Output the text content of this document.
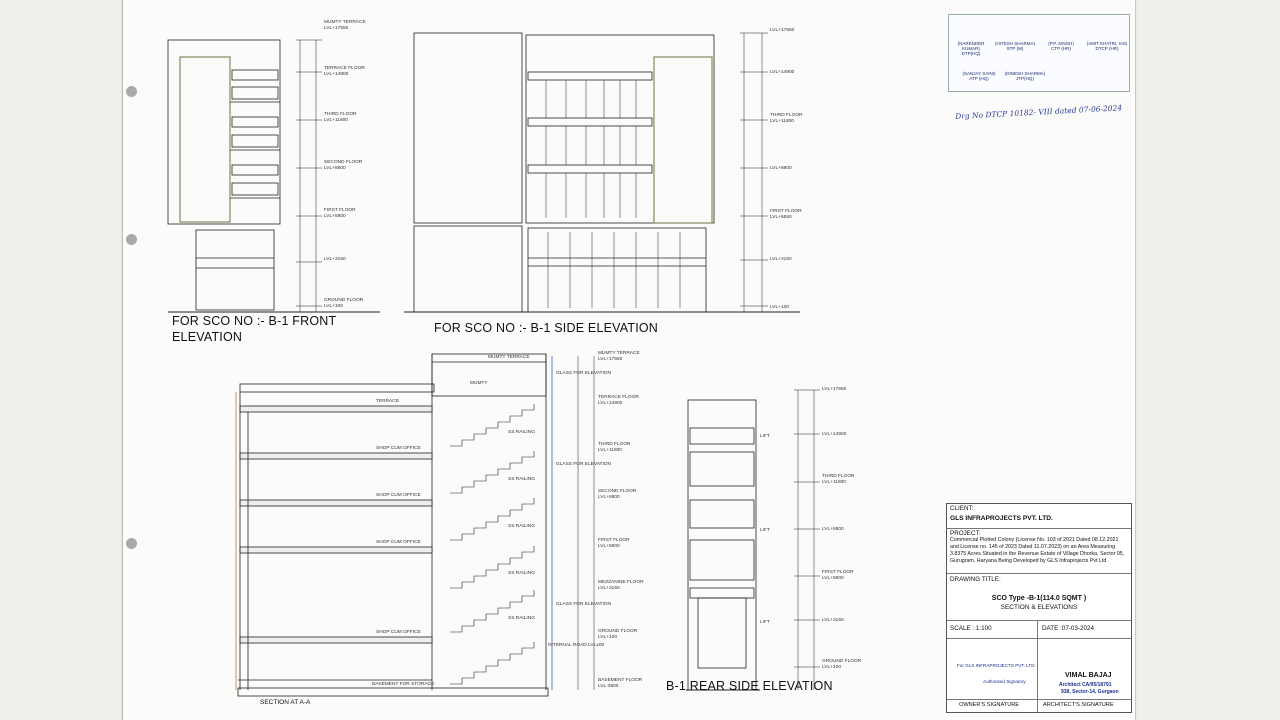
FOR SCO NO :- B-1 FRONT
ELEVATION
FOR SCO NO :- B-1 SIDE ELEVATION
SECTION AT A-A
B-1 REAR SIDE ELEVATION
MUMTY TERRACE
LVL+17550
TERRACE FLOOR
LVL+14900
THIRD FLOOR
LVL+11800
SECOND FLOOR
LVL+8800
FIRST FLOOR
LVL+5800
LVL+3150
GROUND FLOOR
LVL+100
LVL+17550
LVL+14900
THIRD FLOOR
LVL+11800
LVL+8800
FIRST FLOOR
LVL+5550
LVL+3150
LVL+100
MUMTY
MUMTY TERRACE
TERRACE
SHOP CUM OFFICE
SHOP CUM OFFICE
SHOP CUM OFFICE
SHOP CUM OFFICE
BASEMENT FOR STORAGE
SS RAILING
SS RAILING
SS RAILING
SS RAILING
SS RAILING
MUMTY TERRACE
LVL+17550
GLASS FOR ELEVATION
TERRACE FLOOR
LVL+14900
THIRD FLOOR
LVL+11800
GLASS FOR ELEVATION
SECOND FLOOR
LVL+8800
FIRST FLOOR
LVL+5800
MEZZANINE FLOOR
LVL+3150
GLASS FOR ELEVATION
GROUND FLOOR
LVL+100
INTERNAL ROAD LVL±00
BASEMENT FLOOR
LVL-3600
LIFT
LIFT
LIFT
LVL+17550
LVL+14900
THIRD FLOOR
LVL+11800
LVL+8800
FIRST FLOOR
LVL+5800
LVL+3150
GROUND FLOOR
LVL+100
(NARENDER KUMAR)
DTP(HQ)
(HITESH SHARMA)
STP (M)
(P.P. SINGH)
CTP (HR)
(AMIT KHATRI, IAS)
DTCP (HR)
(SANJAY SAINI)
ATP (HQ)
(DINESH SHARMA)
JTP(HQ)
Drg No DTCP 10182- VIII dated 07-06-2024
CLIENT:
GLS INFRAPROJECTS PVT. LTD.
PROJECT:
Commercial Plotted Colony (License No. 103 of 2021 Dated 08.12.2021 and License no. 145 of 2023 Dated 11.07.2023) on an Area Measuring 3.8375 Acres Situated in the Revenue Estate of Village Dhorka, Sector 95, Gurugram, Haryana Being Developed by GLS Infraprojects Pvt Ltd
DRAWING TITLE:
SCO Type -B-1(114.0 SQMT )
SECTION & ELEVATIONS
SCALE : 1:100	DATE :07-03-2024
For GLS INFRAPROJECTS PVT. LTD.
Authorised Signatory
VIMAL BAJAJ
Architect CA/95/18791
938, Sector-14, Gurgaon
OWNER'S SIGNATURE	ARCHITECT'S SIGNATURE
